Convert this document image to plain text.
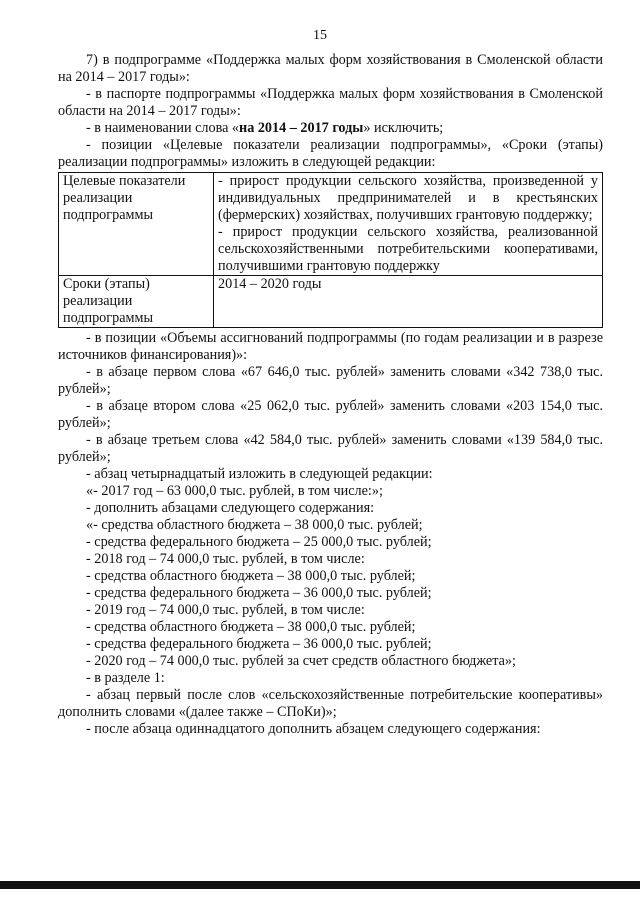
15

7) в подпрограмме «Поддержка малых форм хозяйствования в Смоленской области на 2014 – 2017 годы»:

- в паспорте подпрограммы «Поддержка малых форм хозяйствования в Смоленской области на 2014 – 2017 годы»:

- в наименовании слова «на 2014 – 2017 годы» исключить;

- позиции «Целевые показатели реализации подпрограммы», «Сроки (этапы) реализации подпрограммы» изложить в следующей редакции:

Целевые показатели реализации подпрограммы	- прирост продукции сельского хозяйства, произведенной у индивидуальных предпринимателей и в крестьянских (фермерских) хозяйствах, получивших грантовую поддержку;
- прирост продукции сельского хозяйства, реализованной сельскохозяйственными потребительскими кооперативами, получившими грантовую поддержку

Сроки (этапы) реализации подпрограммы	2014 – 2020 годы

- в позиции «Объемы ассигнований подпрограммы (по годам реализации и в разрезе источников финансирования)»:

- в абзаце первом слова «67 646,0 тыс. рублей» заменить словами «342 738,0 тыс. рублей»;

- в абзаце втором слова «25 062,0 тыс. рублей» заменить словами «203 154,0 тыс. рублей»;

- в абзаце третьем слова «42 584,0 тыс. рублей» заменить словами «139 584,0 тыс. рублей»;

- абзац четырнадцатый изложить в следующей редакции:

«- 2017 год – 63 000,0 тыс. рублей, в том числе:»;

- дополнить абзацами следующего содержания:

«- средства областного бюджета – 38 000,0 тыс. рублей;

- средства федерального бюджета – 25 000,0 тыс. рублей;

- 2018 год – 74 000,0 тыс. рублей, в том числе:

- средства областного бюджета – 38 000,0 тыс. рублей;

- средства федерального бюджета – 36 000,0 тыс. рублей;

- 2019 год – 74 000,0 тыс. рублей, в том числе:

- средства областного бюджета – 38 000,0 тыс. рублей;

- средства федерального бюджета – 36 000,0 тыс. рублей;

- 2020 год – 74 000,0 тыс. рублей за счет средств областного бюджета»;

- в разделе 1:

- абзац первый после слов «сельскохозяйственные потребительские кооперативы» дополнить словами «(далее также – СПоКи)»;

- после абзаца одиннадцатого дополнить абзацем следующего содержания:
